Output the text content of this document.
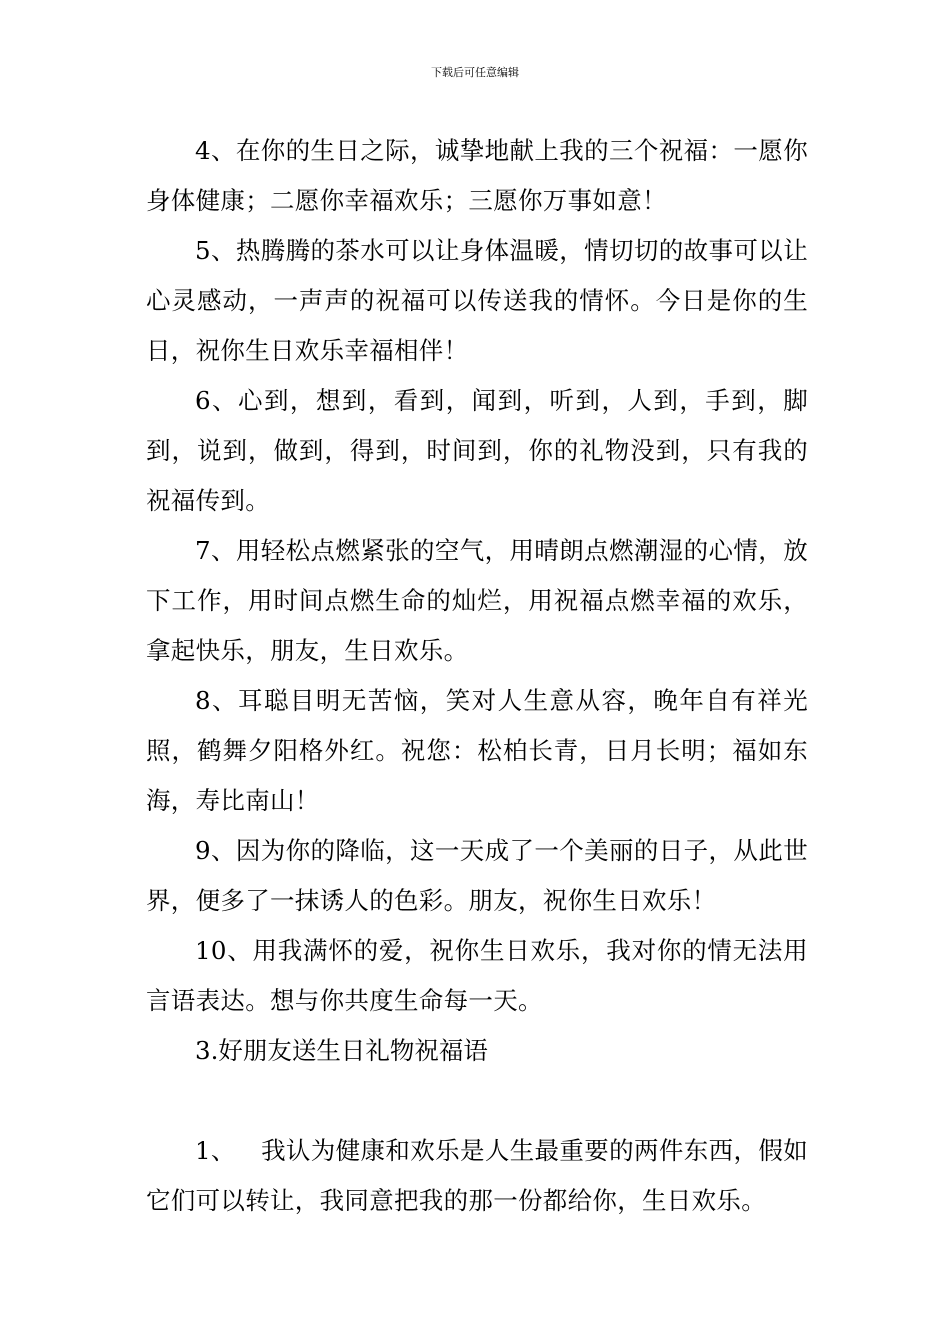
下载后可任意编辑

4、在你的生日之际，诚挚地献上我的三个祝福：一愿你身体健康；二愿你幸福欢乐；三愿你万事如意！

5、热腾腾的茶水可以让身体温暖，情切切的故事可以让心灵感动，一声声的祝福可以传送我的情怀。今日是你的生日，祝你生日欢乐幸福相伴！

6、心到，想到，看到，闻到，听到，人到，手到，脚到，说到，做到，得到，时间到，你的礼物没到，只有我的祝福传到。

7、用轻松点燃紧张的空气，用晴朗点燃潮湿的心情，放下工作，用时间点燃生命的灿烂，用祝福点燃幸福的欢乐，拿起快乐，朋友，生日欢乐。

8、耳聪目明无苦恼，笑对人生意从容，晚年自有祥光照，鹤舞夕阳格外红。祝您：松柏长青，日月长明；福如东海，寿比南山！

9、因为你的降临，这一天成了一个美丽的日子，从此世界，便多了一抹诱人的色彩。朋友，祝你生日欢乐！

10、用我满怀的爱，祝你生日欢乐，我对你的情无法用言语表达。想与你共度生命每一天。

3.好朋友送生日礼物祝福语

1、 我认为健康和欢乐是人生最重要的两件东西，假如它们可以转让，我同意把我的那一份都给你，生日欢乐。
